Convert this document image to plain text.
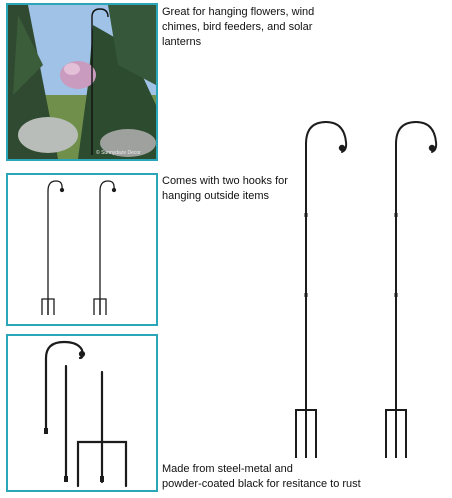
© Sunnydaze Decor
Great for hanging flowers, wind
chimes, bird feeders, and solar lanterns
Comes with two hooks for
hanging outside items
Made from steel-metal and
powder-coated black for resitance to rust
